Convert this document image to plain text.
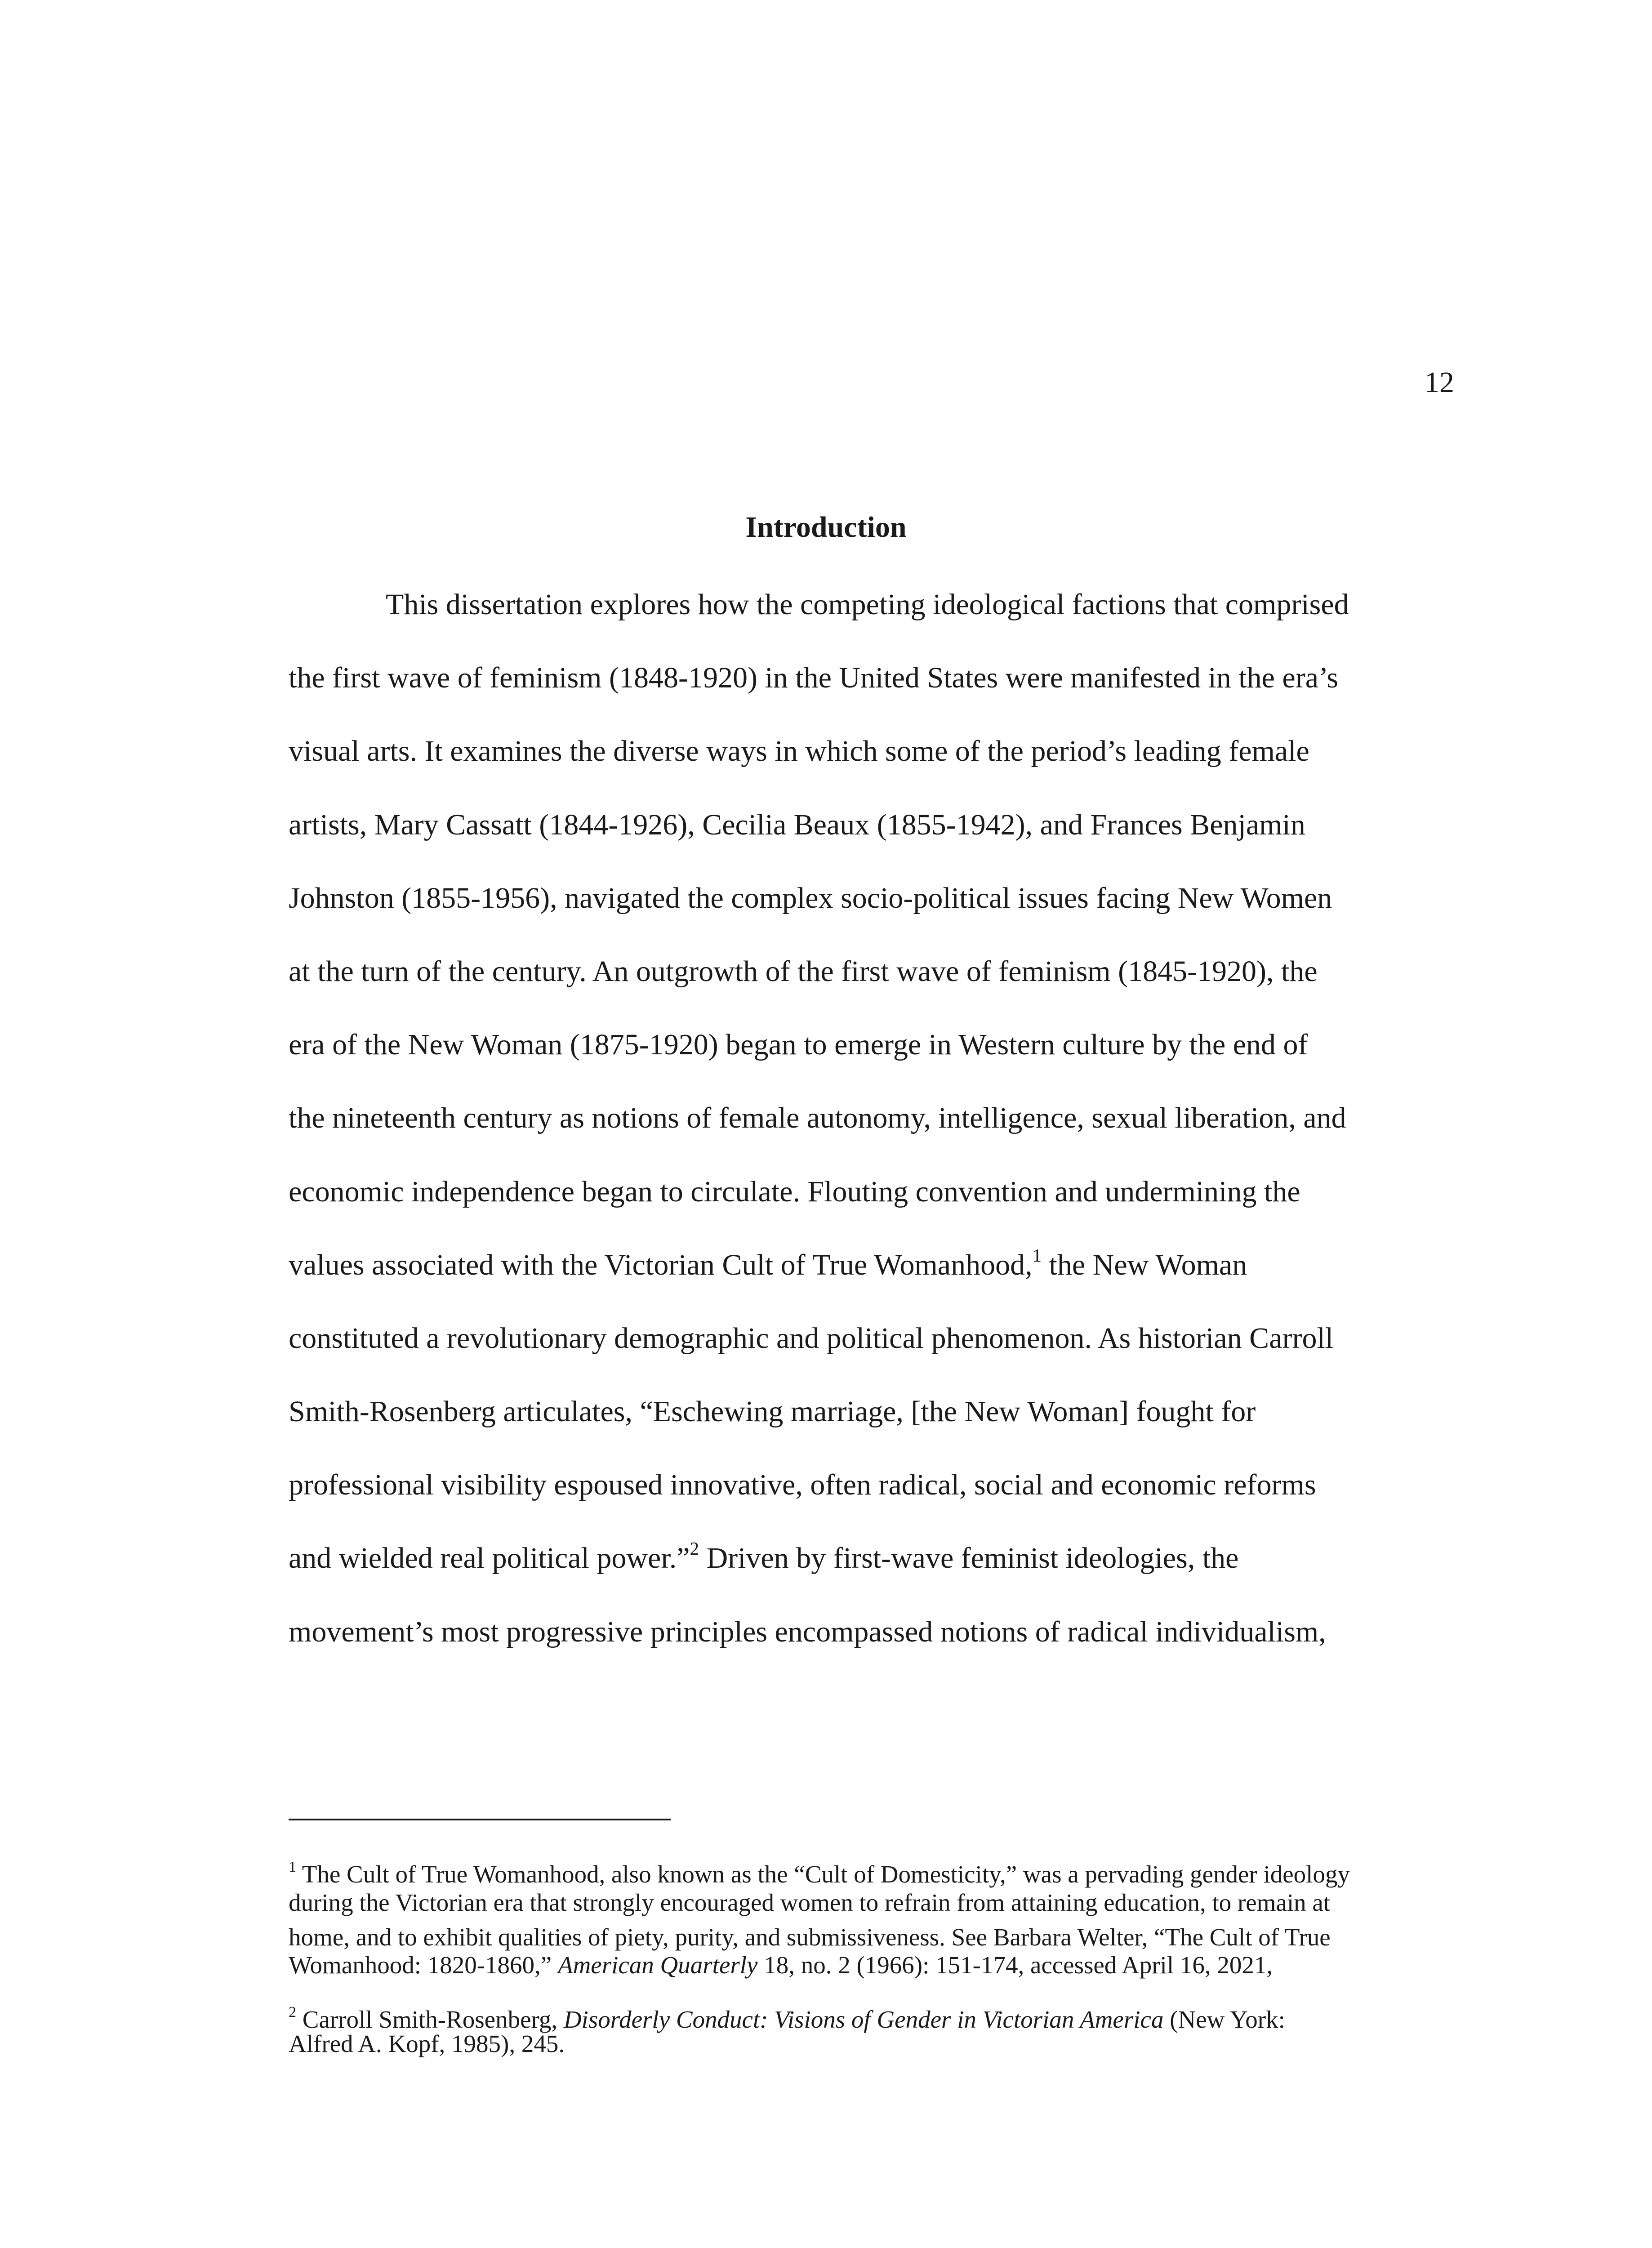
12
Introduction
This dissertation explores how the competing ideological factions that comprised
the first wave of feminism (1848-1920) in the United States were manifested in the era’s
visual arts. It examines the diverse ways in which some of the period’s leading female
artists, Mary Cassatt (1844-1926), Cecilia Beaux (1855-1942), and Frances Benjamin
Johnston (1855-1956), navigated the complex socio-political issues facing New Women
at the turn of the century. An outgrowth of the first wave of feminism (1845-1920), the
era of the New Woman (1875-1920) began to emerge in Western culture by the end of
the nineteenth century as notions of female autonomy, intelligence, sexual liberation, and
economic independence began to circulate. Flouting convention and undermining the
values associated with the Victorian Cult of True Womanhood,$^1$ the New Woman
constituted a revolutionary demographic and political phenomenon. As historian Carroll
Smith-Rosenberg articulates, “Eschewing marriage, [the New Woman] fought for
professional visibility espoused innovative, often radical, social and economic reforms
and wielded real political power.”$^2$ Driven by first-wave feminist ideologies, the
movement’s most progressive principles encompassed notions of radical individualism,
$^1$ The Cult of True Womanhood, also known as the “Cult of Domesticity,” was a pervading gender ideology
during the Victorian era that strongly encouraged women to refrain from attaining education, to remain at
home, and to exhibit qualities of piety, purity, and submissiveness. See Barbara Welter, “The Cult of True
Womanhood: 1820-1860,” American Quarterly 18, no. 2 (1966): 151-174, accessed April 16, 2021,
$^2$ Carroll Smith-Rosenberg, Disorderly Conduct: Visions of Gender in Victorian America (New York:
Alfred A. Kopf, 1985), 245.
